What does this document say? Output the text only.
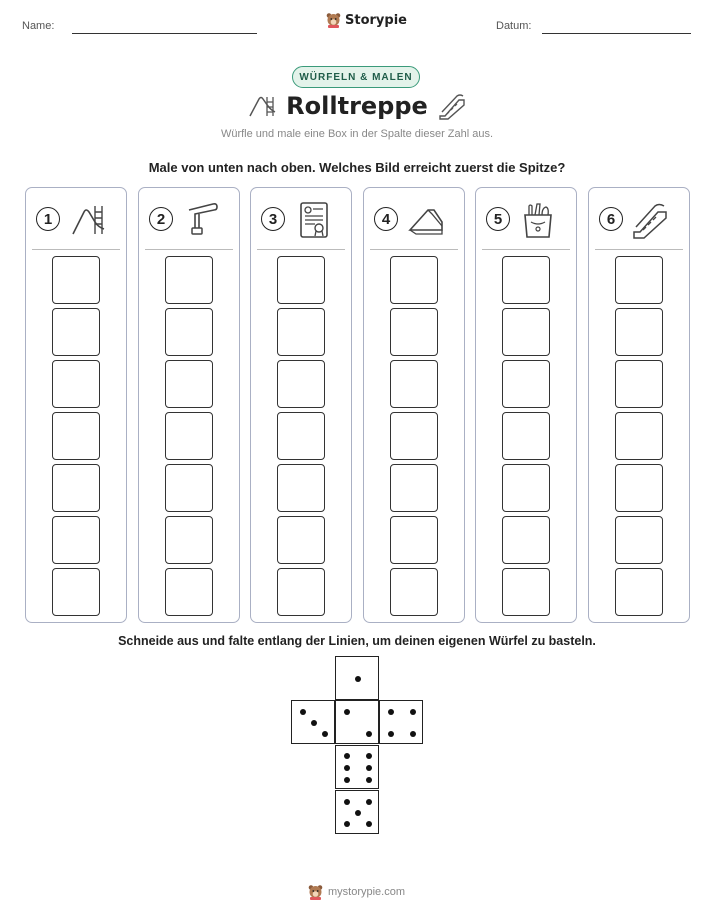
Name:	Storypie	Datum:
WÜRFELN & MALEN
Rolltreppe
Würfle und male eine Box in der Spalte dieser Zahl aus.
Male von unten nach oben. Welches Bild erreicht zuerst die Spitze?
1	2	3	4	5	6
Schneide aus und falte entlang der Linien, um deinen eigenen Würfel zu basteln.
mystorypie.com
